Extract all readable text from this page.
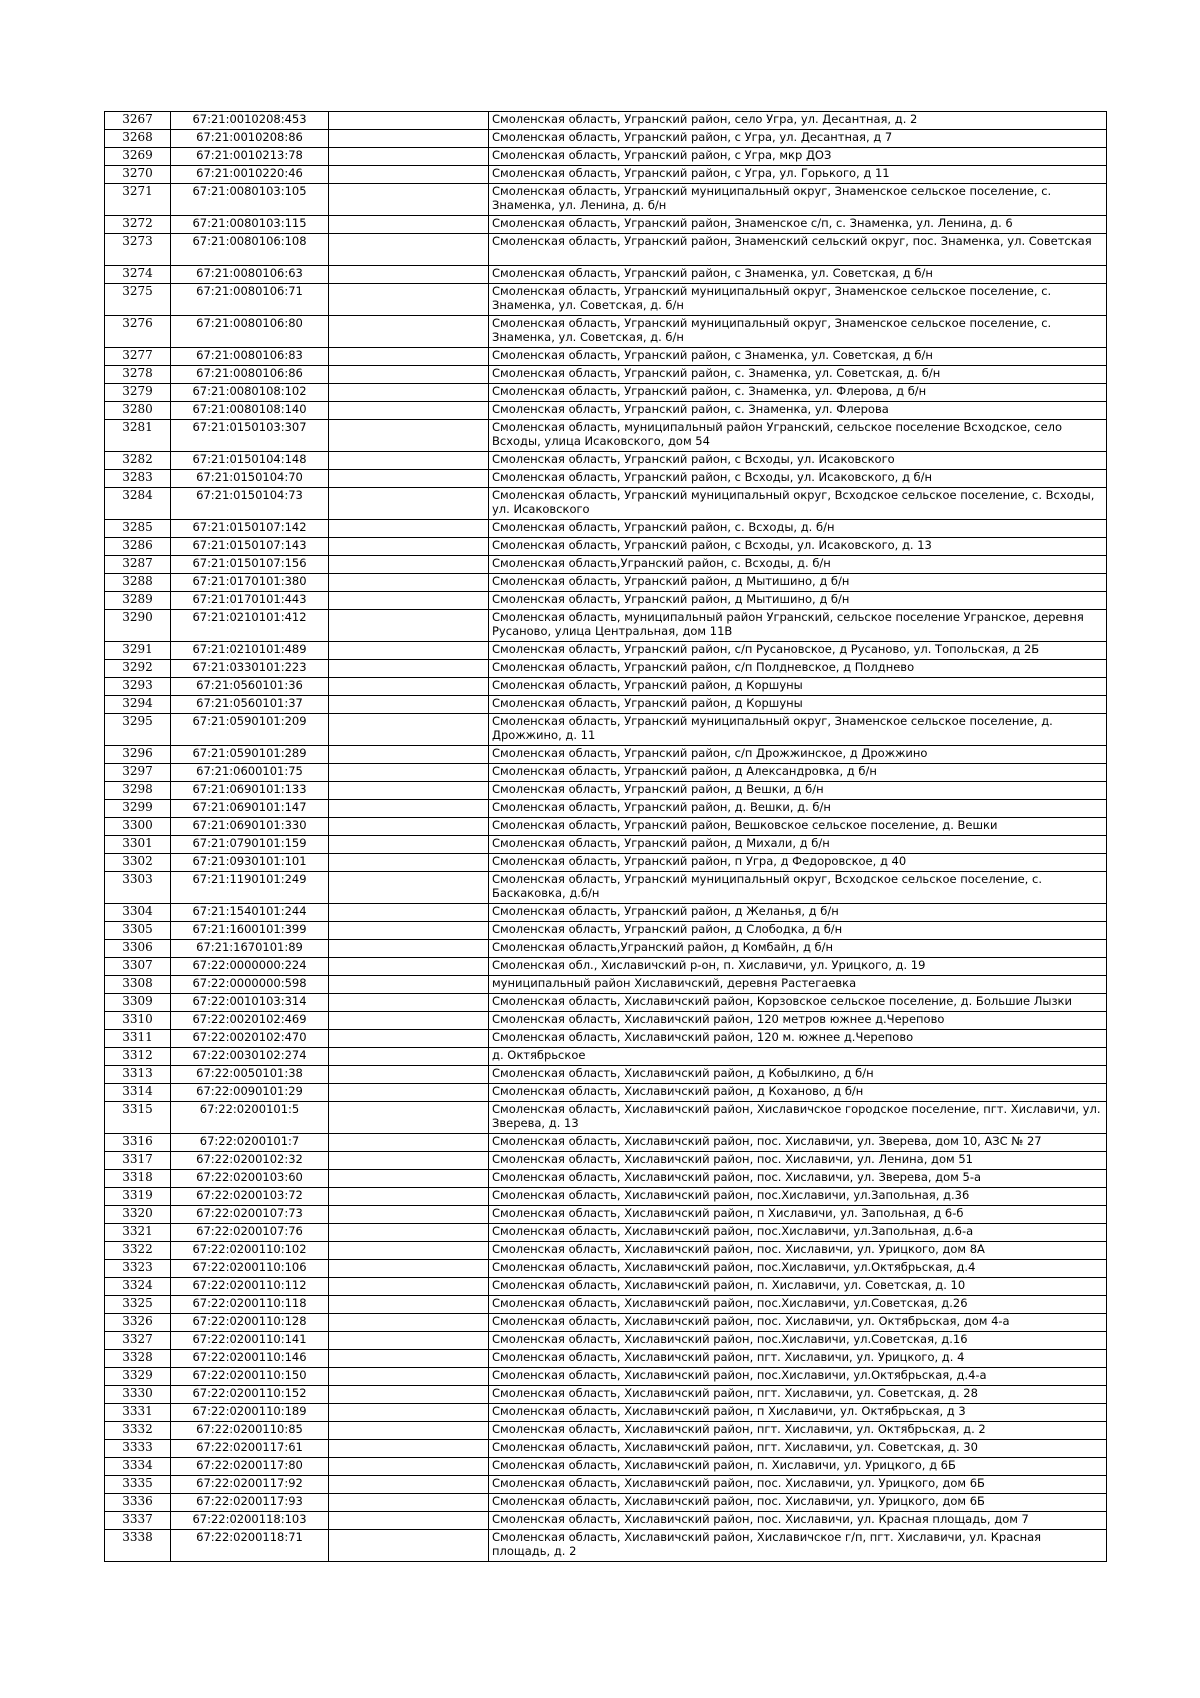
3267	67:21:0010208:453		Смоленская область, Угранский район, село Угра, ул. Десантная, д. 2
3268	67:21:0010208:86		Смоленская область, Угранский район, с Угра, ул. Десантная, д 7
3269	67:21:0010213:78		Смоленская область, Угранский район, с Угра, мкр ДОЗ
3270	67:21:0010220:46		Смоленская область, Угранский район, с Угра, ул. Горького, д 11
3271	67:21:0080103:105		Смоленская область, Угранский муниципальный округ, Знаменское сельское поселение, с. Знаменка, ул. Ленина, д. б/н
3272	67:21:0080103:115		Смоленская область, Угранский район, Знаменское с/п, с. Знаменка, ул. Ленина, д. 6
3273	67:21:0080106:108		Смоленская область, Угранский район, Знаменский сельский округ, пос. Знаменка, ул. Советская
3274	67:21:0080106:63		Смоленская область, Угранский район, с Знаменка, ул. Советская, д б/н
3275	67:21:0080106:71		Смоленская область, Угранский муниципальный округ, Знаменское сельское поселение, с. Знаменка, ул. Советская, д. б/н
3276	67:21:0080106:80		Смоленская область, Угранский муниципальный округ, Знаменское сельское поселение, с. Знаменка, ул. Советская, д. б/н
3277	67:21:0080106:83		Смоленская область, Угранский район, с Знаменка, ул. Советская, д б/н
3278	67:21:0080106:86		Смоленская область, Угранский район, с. Знаменка, ул. Советская, д. б/н
3279	67:21:0080108:102		Смоленская область, Угранский район, с. Знаменка, ул. Флерова, д б/н
3280	67:21:0080108:140		Смоленская область, Угранский район, с. Знаменка, ул. Флерова
3281	67:21:0150103:307		Смоленская область, муниципальный район Угранский, сельское поселение Всходское, село Всходы, улица Исаковского, дом 54
3282	67:21:0150104:148		Смоленская область, Угранский район, с Всходы, ул. Исаковского
3283	67:21:0150104:70		Смоленская область, Угранский район, с Всходы, ул. Исаковского, д б/н
3284	67:21:0150104:73		Смоленская область, Угранский муниципальный округ, Всходское сельское поселение, с. Всходы, ул. Исаковского
3285	67:21:0150107:142		Смоленская область, Угранский район, с. Всходы, д. б/н
3286	67:21:0150107:143		Смоленская область, Угранский район, с Всходы, ул. Исаковского, д. 13
3287	67:21:0150107:156		Смоленская область,Угранский район, с. Всходы, д. б/н
3288	67:21:0170101:380		Смоленская область, Угранский район, д Мытишино, д б/н
3289	67:21:0170101:443		Смоленская область, Угранский район, д Мытишино, д б/н
3290	67:21:0210101:412		Смоленская область, муниципальный район Угранский, сельское поселение Угранское, деревня Русаново, улица Центральная, дом 11В
3291	67:21:0210101:489		Смоленская область, Угранский район, с/п Русановское, д Русаново, ул. Топольская, д 2Б
3292	67:21:0330101:223		Смоленская область, Угранский район, с/п Полдневское, д Полднево
3293	67:21:0560101:36		Смоленская область, Угранский район, д Коршуны
3294	67:21:0560101:37		Смоленская область, Угранский район, д Коршуны
3295	67:21:0590101:209		Смоленская область, Угранский муниципальный округ, Знаменское сельское поселение, д. Дрожжино, д. 11
3296	67:21:0590101:289		Смоленская область, Угранский район, с/п Дрожжинское, д Дрожжино
3297	67:21:0600101:75		Смоленская область, Угранский район, д Александровка, д б/н
3298	67:21:0690101:133		Смоленская область, Угранский район, д Вешки, д б/н
3299	67:21:0690101:147		Смоленская область, Угранский район, д. Вешки, д. б/н
3300	67:21:0690101:330		Смоленская область, Угранский район, Вешковское сельское поселение, д. Вешки
3301	67:21:0790101:159		Смоленская область, Угранский район, д Михали, д б/н
3302	67:21:0930101:101		Смоленская область, Угранский район, п Угра, д Федоровское, д 40
3303	67:21:1190101:249		Смоленская область, Угранский муниципальный округ, Всходское сельское поселение, с. Баскаковка, д.б/н
3304	67:21:1540101:244		Смоленская область, Угранский район, д Желанья, д б/н
3305	67:21:1600101:399		Смоленская область, Угранский район, д Слободка, д б/н
3306	67:21:1670101:89		Смоленская область,Угранский район, д Комбайн, д б/н
3307	67:22:0000000:224		Смоленская обл., Хиславичский р-он, п. Хиславичи, ул. Урицкого, д. 19
3308	67:22:0000000:598		муниципальный район Хиславичский, деревня Растегаевка
3309	67:22:0010103:314		Смоленская область, Хиславичский район, Корзовское сельское поселение, д. Большие Лызки
3310	67:22:0020102:469		Смоленская область, Хиславичский район, 120 метров южнее д.Черепово
3311	67:22:0020102:470		Смоленская область, Хиславичский район, 120 м. южнее д.Черепово
3312	67:22:0030102:274		д. Октябрьское
3313	67:22:0050101:38		Смоленская область, Хиславичский район, д Кобылкино, д б/н
3314	67:22:0090101:29		Смоленская область, Хиславичский район, д Коханово, д б/н
3315	67:22:0200101:5		Смоленская область, Хиславичский район, Хиславичское городское поселение, пгт. Хиславичи, ул. Зверева, д. 13
3316	67:22:0200101:7		Смоленская область, Хиславичский район, пос. Хиславичи, ул. Зверева, дом 10, АЗС № 27
3317	67:22:0200102:32		Смоленская область, Хиславичский район, пос. Хиславичи, ул. Ленина, дом 51
3318	67:22:0200103:60		Смоленская область, Хиславичский район, пос. Хиславичи, ул. Зверева, дом 5-а
3319	67:22:0200103:72		Смоленская область, Хиславичский район, пос.Хиславичи, ул.Запольная, д.36
3320	67:22:0200107:73		Смоленская область, Хиславичский район, п Хиславичи, ул. Запольная, д 6-б
3321	67:22:0200107:76		Смоленская область, Хиславичский район, пос.Хиславичи, ул.Запольная, д.6-а
3322	67:22:0200110:102		Смоленская область, Хиславичский район, пос. Хиславичи, ул. Урицкого, дом 8А
3323	67:22:0200110:106		Смоленская область, Хиславичский район, пос.Хиславичи, ул.Октябрьская, д.4
3324	67:22:0200110:112		Смоленская область, Хиславичский район, п. Хиславичи, ул. Советская, д. 10
3325	67:22:0200110:118		Смоленская область, Хиславичский район, пос.Хиславичи, ул.Советская, д.26
3326	67:22:0200110:128		Смоленская область, Хиславичский район, пос. Хиславичи, ул. Октябрьская, дом 4-а
3327	67:22:0200110:141		Смоленская область, Хиславичский район, пос.Хиславичи, ул.Советская, д.16
3328	67:22:0200110:146		Смоленская область, Хиславичский район, пгт. Хиславичи, ул. Урицкого, д. 4
3329	67:22:0200110:150		Смоленская область, Хиславичский район, пос.Хиславичи, ул.Октябрьская, д.4-а
3330	67:22:0200110:152		Смоленская область, Хиславичский район, пгт. Хиславичи, ул. Советская, д. 28
3331	67:22:0200110:189		Смоленская область, Хиславичский район, п Хиславичи, ул. Октябрьская, д 3
3332	67:22:0200110:85		Смоленская область, Хиславичский район, пгт. Хиславичи, ул. Октябрьская, д. 2
3333	67:22:0200117:61		Смоленская область, Хиславичский район, пгт. Хиславичи, ул. Советская, д. 30
3334	67:22:0200117:80		Смоленская область, Хиславичский район, п. Хиславичи, ул. Урицкого, д 6Б
3335	67:22:0200117:92		Смоленская область, Хиславичский район, пос. Хиславичи, ул. Урицкого, дом 6Б
3336	67:22:0200117:93		Смоленская область, Хиславичский район, пос. Хиславичи, ул. Урицкого, дом 6Б
3337	67:22:0200118:103		Смоленская область, Хиславичский район, пос. Хиславичи, ул. Красная площадь, дом 7
3338	67:22:0200118:71		Смоленская область, Хиславичский район, Хиславичское г/п, пгт. Хиславичи, ул. Красная площадь, д. 2
